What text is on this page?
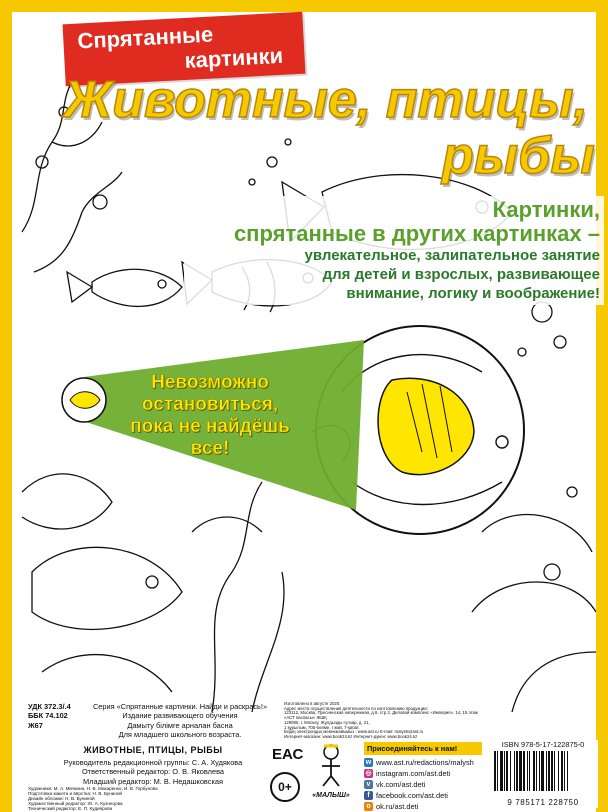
Спрятанные
картинки
Животные, птицы,
рыбы
Картинки,
спрятанные в других картинках –
увлекательное, залипательное занятие
для детей и взрослых, развивающее
внимание, логику и воображение!
Невозможно
остановиться,
пока не найдёшь
все!
УДК 372.3/.4
ББК 74.102
Ж67
Серия «Спрятанные картинки. Найди и раскрась!»
Издание развивающего обучения
Дамыту білімге арналан басна
Для младшего школьного возраста.
ЖИВОТНЫЕ, ПТИЦЫ, РЫБЫ
Руководитель редакционной группы: С. А. Худякова
Ответственный редактор: О. В. Яковлева
Младший редактор: М. В. Недашковская
Художники: М. А. Мичкина, Н. В. Макаренко, И. В. Горбунова
Подготовка макета и вёрстка: Н. В. Буниной
Дизайн обложки: Н. В. Буниной
Художественный редактор: Ю. А. Кузнецова
Технический редактор: Е. П. Кудиярова
Изготовлено в августе 2020.
Адрес места осуществления деятельности по изготовлению продукции:
123112, Москва, Пресненская набережная, д.6, стр.2, Деловой комплекс «Империя», 14, 15 этаж
«АСТ баспасы» ЖШҚ
129085, г. Мәскеу, Жұлдызды гүлзар, д. 21,
1 құрылым, 705-бөлме, I жай, 7-қабат.
Біздің электрондық мекенжайымыз : www.ast.ru E-mail: malysh@ast.ru
Интернет-магазин: www.book24.kz Интернет-дүкен: www.book24.kz
ЕАС
0+
«МАЛЫШ»
Присоединяйтесь к нам!
w www.ast.ru/redactions/malysh
◎ instagram.com/ast.deti
v vk.com/ast.deti
f facebook.com/ast.deti
o ok.ru/ast.deti
ISBN 978-5-17-122875-0
9 785171 228750
